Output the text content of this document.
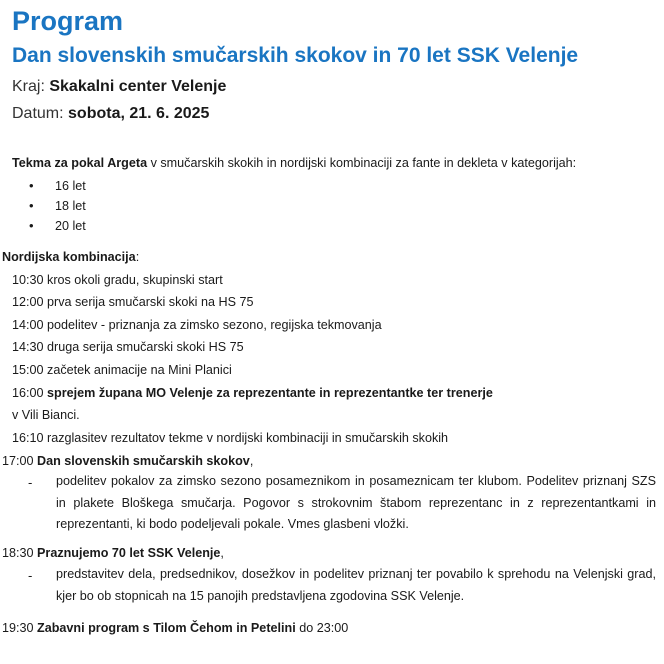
Program
Dan slovenskih smučarskih skokov in 70 let SSK Velenje
Kraj: Skakalni center Velenje
Datum: sobota, 21. 6. 2025
Tekma za pokal Argeta v smučarskih skokih in nordijski kombinaciji za fante in dekleta v kategorijah:
• 16 let
• 18 let
• 20 let
Nordijska kombinacija:
10:30 kros okoli gradu, skupinski start
12:00 prva serija smučarski skoki na HS 75
14:00 podelitev - priznanja za zimsko sezono, regijska tekmovanja
14:30 druga serija smučarski skoki HS 75
15:00 začetek animacije na Mini Planici
16:00 sprejem župana MO Velenje za reprezentante in reprezentantke ter trenerje
v Vili Bianci.
16:10 razglasitev rezultatov tekme v nordijski kombinaciji in smučarskih skokih
17:00 Dan slovenskih smučarskih skokov,
- podelitev pokalov za zimsko sezono posameznikom in posameznicam ter klubom. Podelitev priznanj SZS in plakete Bloškega smučarja. Pogovor s strokovnim štabom reprezentanc in z reprezentantkami in reprezentanti, ki bodo podeljevali pokale. Vmes glasbeni vložki.
18:30 Praznujemo 70 let SSK Velenje,
- predstavitev dela, predsednikov, dosežkov in podelitev priznanj ter povabilo k sprehodu na Velenjski grad, kjer bo ob stopnicah na 15 panojih predstavljena zgodovina SSK Velenje.
19:30 Zabavni program s Tilom Čehom in Petelini do 23:00
